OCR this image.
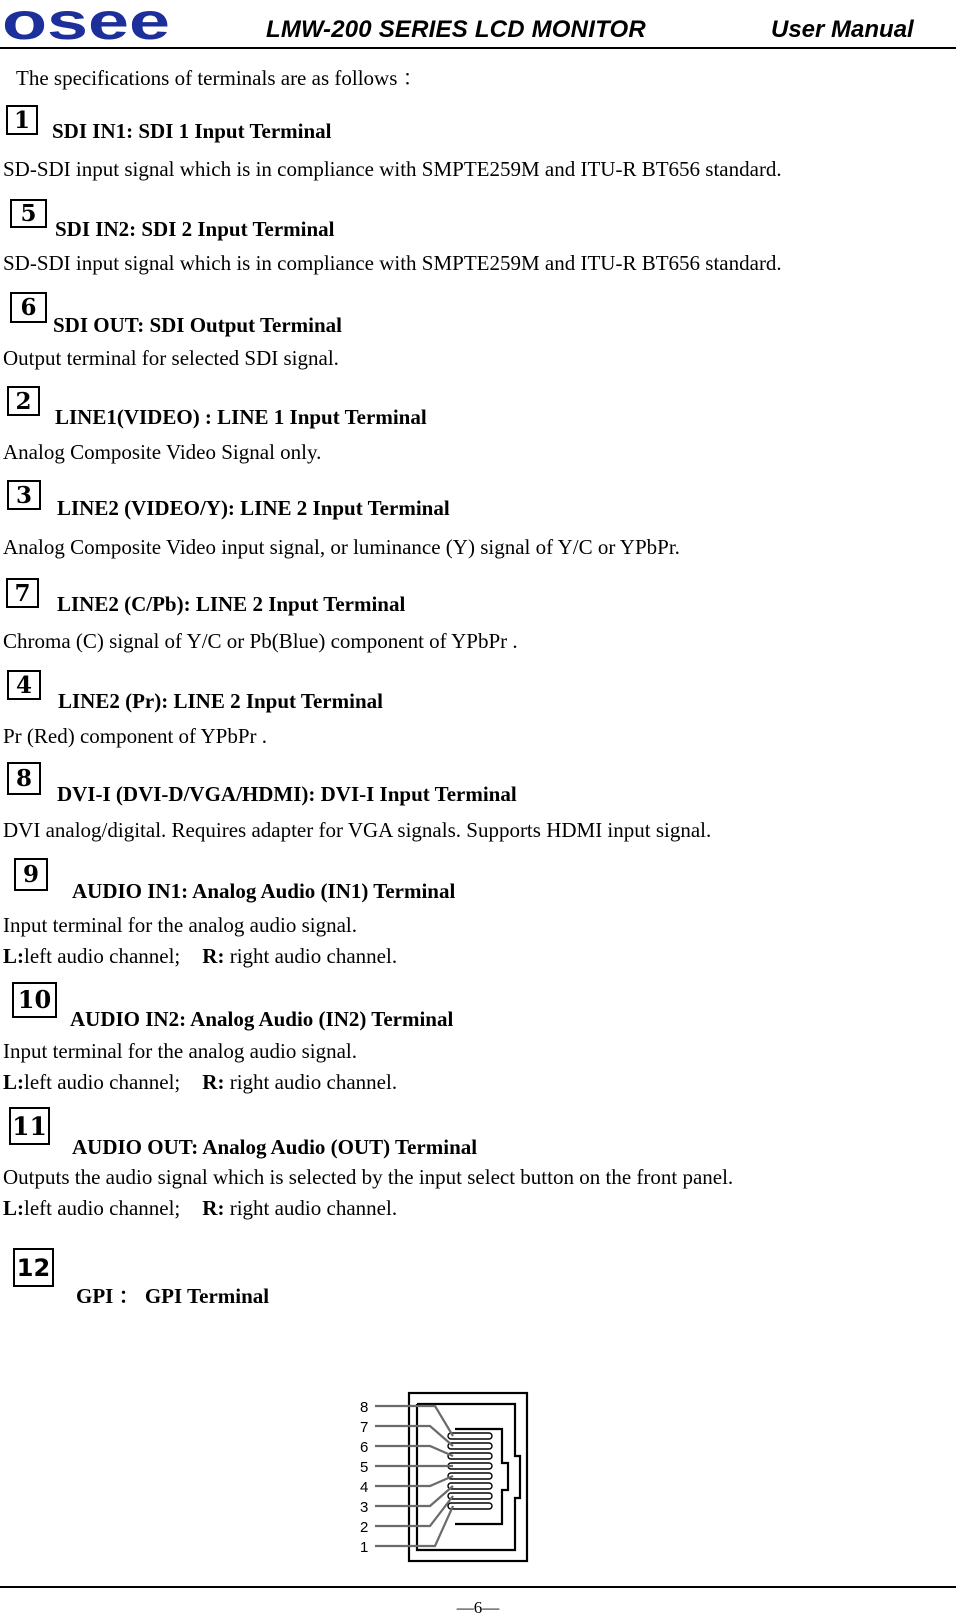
osee	LMW-200 SERIES LCD MONITOR	User Manual
The specifications of terminals are as follows ：
1	SDI IN1: SDI 1 Input Terminal
SD-SDI input signal which is in compliance with SMPTE259M and ITU-R BT656 standard.
5
SDI IN2: SDI 2 Input Terminal
SD-SDI input signal which is in compliance with SMPTE259M and ITU-R BT656 standard.
6
SDI OUT: SDI Output Terminal
Output terminal for selected SDI signal.
2
LINE1(VIDEO) : LINE 1 Input Terminal
Analog Composite Video Signal only.
3	LINE2 (VIDEO/Y): LINE 2 Input Terminal
Analog Composite Video input signal, or luminance (Y) signal of Y/C or YPbPr.
7	LINE2 (C/Pb): LINE 2 Input Terminal
Chroma (C) signal of Y/C or Pb(Blue) component of YPbPr .
4
LINE2 (Pr): LINE 2 Input Terminal
Pr (Red) component of YPbPr .
8
DVI-I (DVI-D/VGA/HDMI): DVI-I Input Terminal
DVI analog/digital. Requires adapter for VGA signals. Supports HDMI input signal.
9
AUDIO IN1: Analog Audio (IN1) Terminal
Input terminal for the analog audio signal.
L:left audio channel; R: right audio channel.
10
AUDIO IN2: Analog Audio (IN2) Terminal
Input terminal for the analog audio signal.
L:left audio channel; R: right audio channel.
11
AUDIO OUT: Analog Audio (OUT) Terminal
Outputs the audio signal which is selected by the input select button on the front panel.
L:left audio channel; R: right audio channel.
12
GPI ： GPI Terminal
8
7
6
5
4
3
2
1
—6—
